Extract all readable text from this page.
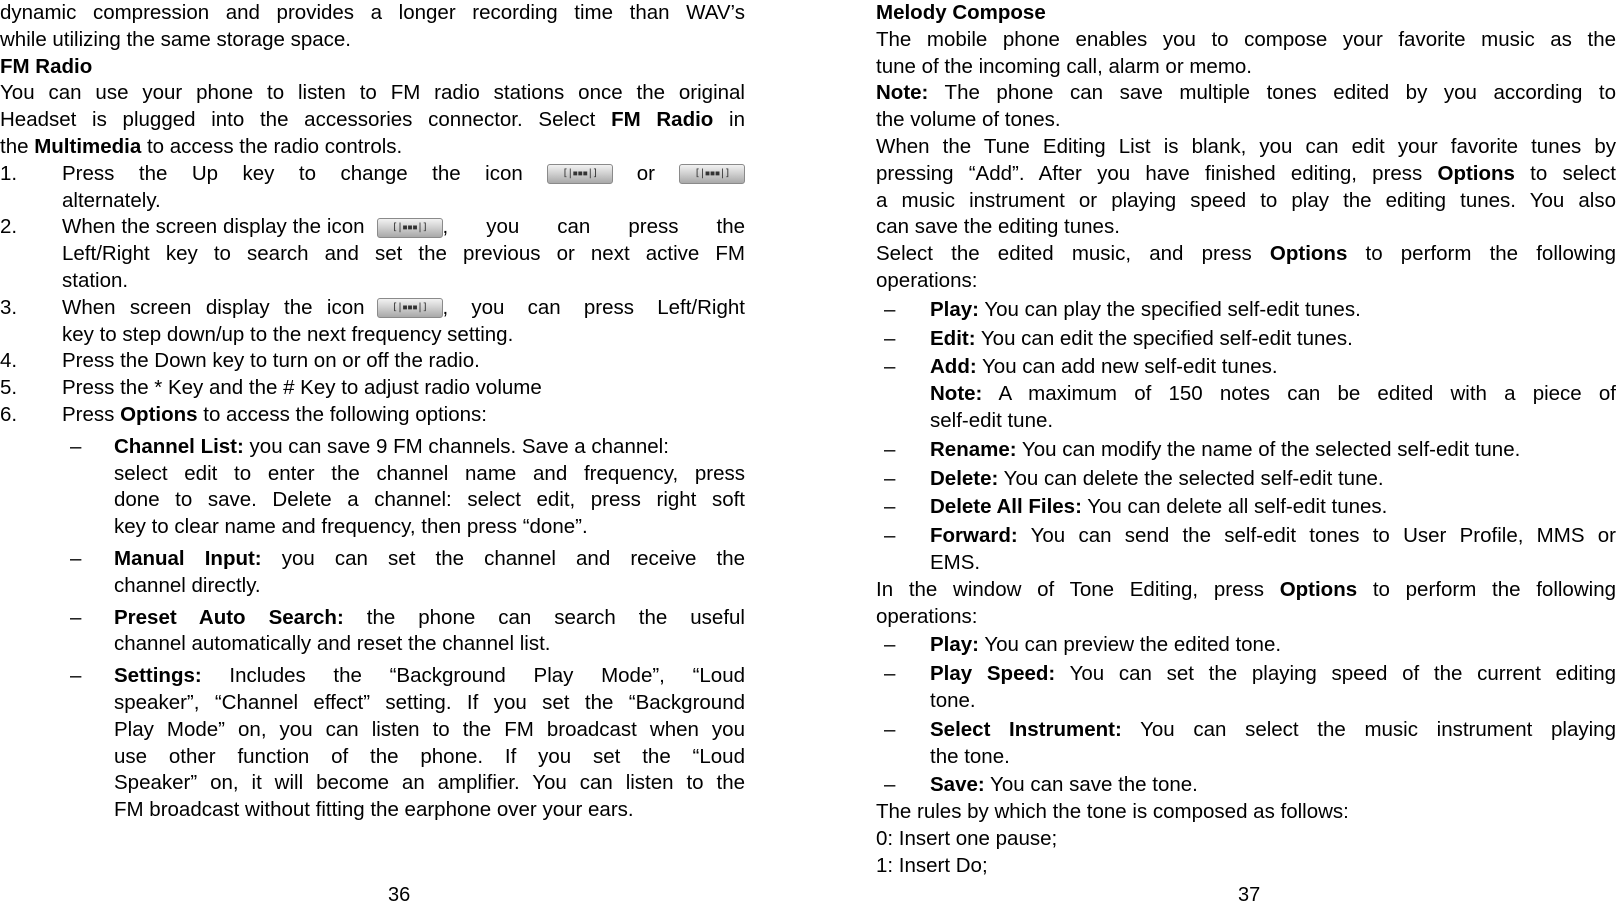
dynamic compression and provides a longer recording time than WAV’s

while utilizing the same storage space.

FM Radio

You can use your phone to listen to FM radio stations once the original

Headset is plugged into the accessories connector. Select FM Radio in

the Multimedia to access the radio controls.

1.	Press the Up key to change the icon	[|▪▪▪|]	or	[|▪▪▪|]

alternately.

2.	When the screen display the icon	[|▪▪▪|] , you can press the

Left/Right key to search and set the previous or next active FM

station.

3.	When screen display the icon	[|▪▪▪|] , you can press Left/Right

key to step down/up to the next frequency setting.

4.	Press the Down key to turn on or off the radio.
5.	Press the * Key and the # Key to adjust radio volume
6.	Press Options to access the following options:
–	Channel List: you can save 9 FM channels. Save a channel:

select edit to enter the channel name and frequency, press

done to save. Delete a channel: select edit, press right soft

key to clear name and frequency, then press “done”.

–	Manual Input: you can set the channel and receive the

channel directly.

–	Preset Auto Search: the phone can search the useful

channel automatically and reset the channel list.

–	Settings: Includes the “Background Play Mode”, “Loud

speaker”, “Channel effect” setting. If you set the “Background

Play Mode” on, you can listen to the FM broadcast when you

use other function of the phone. If you set the “Loud

Speaker” on, it will become an amplifier. You can listen to the

FM broadcast without fitting the earphone over your ears.

36

Melody Compose

The mobile phone enables you to compose your favorite music as the

tune of the incoming call, alarm or memo.

Note: The phone can save multiple tones edited by you according to

the volume of tones.

When the Tune Editing List is blank, you can edit your favorite tunes by

pressing “Add”. After you have finished editing, press Options to select

a music instrument or playing speed to play the editing tunes. You also

can save the editing tunes.

Select the edited music, and press Options to perform the following

operations:

–	Play: You can play the specified self-edit tunes.
–	Edit: You can edit the specified self-edit tunes.
–	Add: You can add new self-edit tunes.

Note: A maximum of 150 notes can be edited with a piece of

self-edit tune.

–	Rename: You can modify the name of the selected self-edit tune.
–	Delete: You can delete the selected self-edit tune.
–	Delete All Files: You can delete all self-edit tunes.
–	Forward: You can send the self-edit tones to User Profile, MMS or

EMS.

In the window of Tone Editing, press Options to perform the following

operations:

–	Play: You can preview the edited tone.
–	Play Speed: You can set the playing speed of the current editing

tone.

–	Select Instrument: You can select the music instrument playing

the tone.

–	Save: You can save the tone.

The rules by which the tone is composed as follows:

0: Insert one pause;

1: Insert Do;

37
